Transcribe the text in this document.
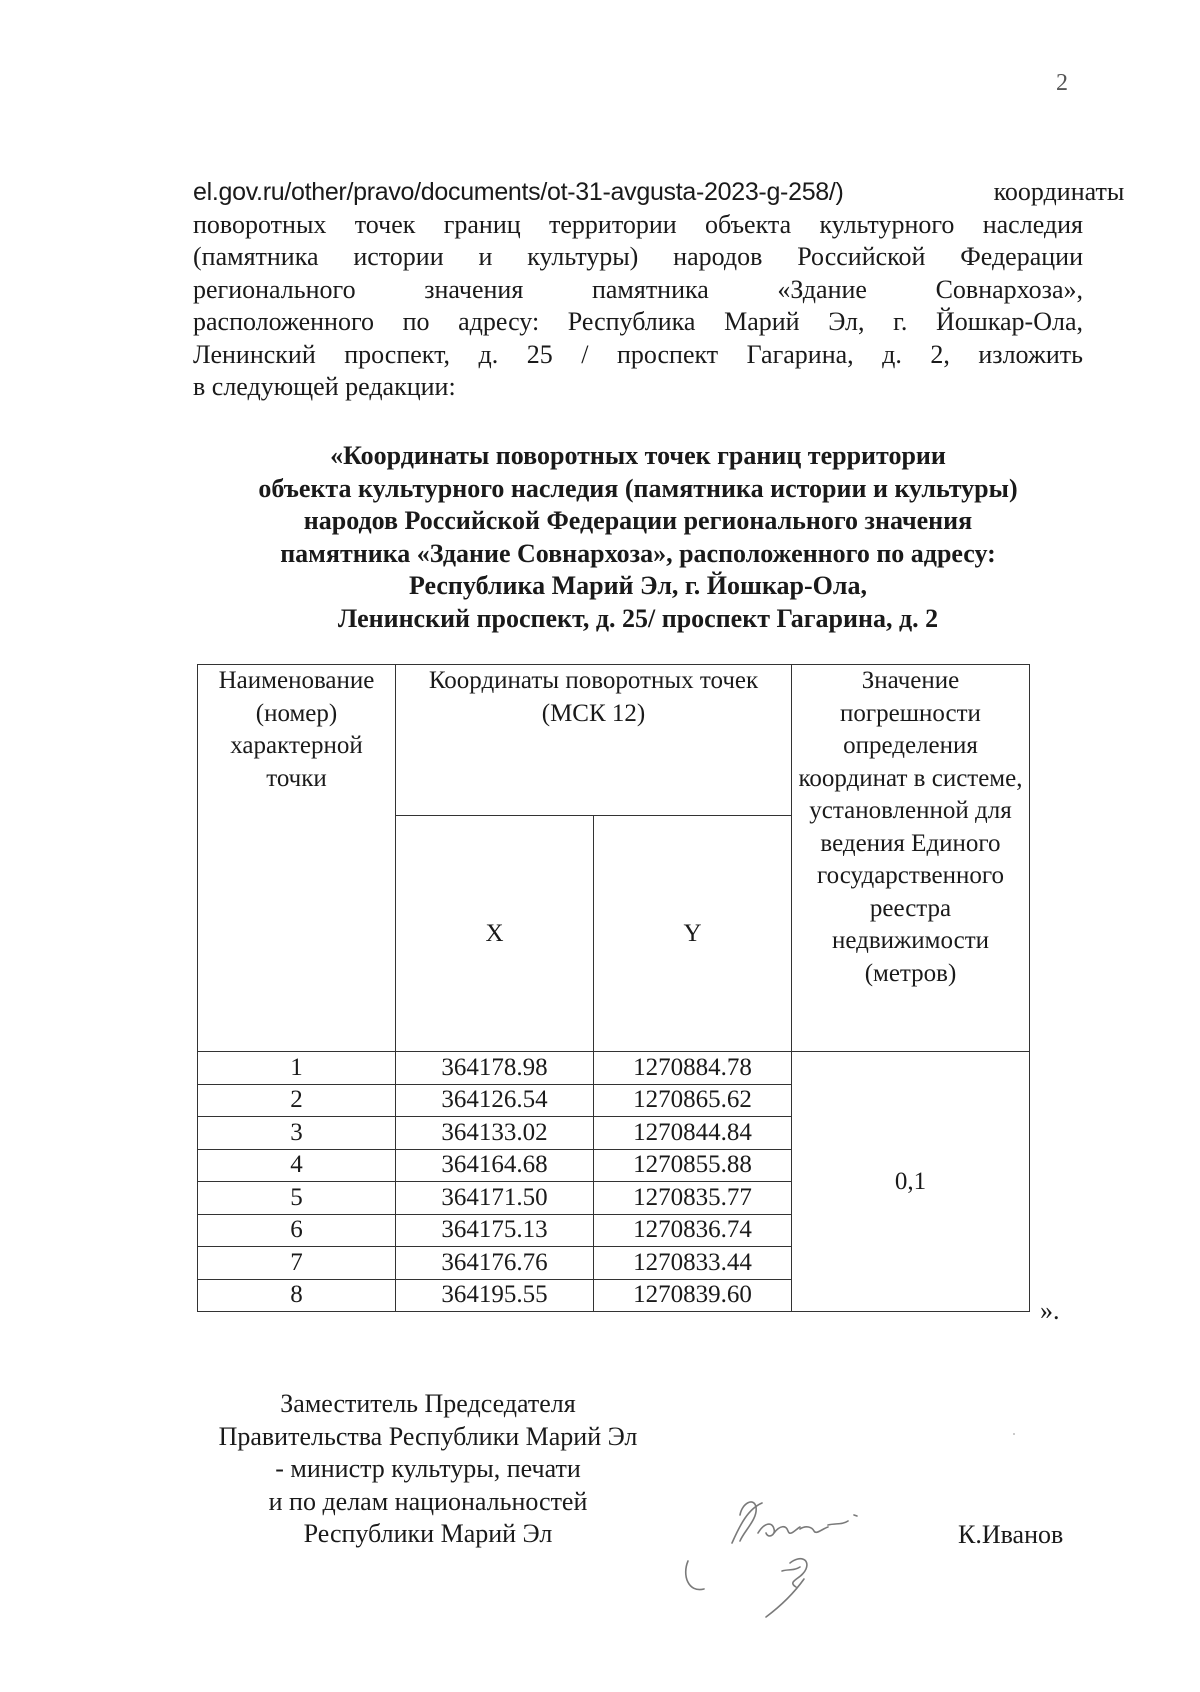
2
el.gov.ru/other/pravo/documents/ot-31-avgusta-2023-g-258/)	координаты
поворотных точек границ территории объекта культурного наследия
(памятника истории и культуры) народов Российской Федерации
регионального значения памятника «Здание Совнархоза»,
расположенного по адресу: Республика Марий Эл, г. Йошкар-Ола,
Ленинский проспект, д. 25 / проспект Гагарина, д. 2, изложить
в следующей редакции:
«Координаты поворотных точек границ территории
объекта культурного наследия (памятника истории и культуры)
народов Российской Федерации регионального значения
памятника «Здание Совнархоза», расположенного по адресу:
Республика Марий Эл, г. Йошкар-Ола,
Ленинский проспект, д. 25/ проспект Гагарина, д. 2
Наименование (номер) характерной точки	Координаты поворотных точек (МСК 12)		Значение погрешности определения координат в системе, установленной для ведения Единого государственного реестра недвижимости (метров)

	X	Y	
1	364178.98	1270884.78	0,1
2	364126.54	1270865.62	
3	364133.02	1270844.84	
4	364164.68	1270855.88	
5	364171.50	1270835.77	
6	364175.13	1270836.74	
7	364176.76	1270833.44	
8	364195.55	1270839.60	
».
Заместитель Председателя
Правительства Республики Марий Эл
- министр культуры, печати
и по делам национальностей
Республики Марий Эл	К.Иванов
